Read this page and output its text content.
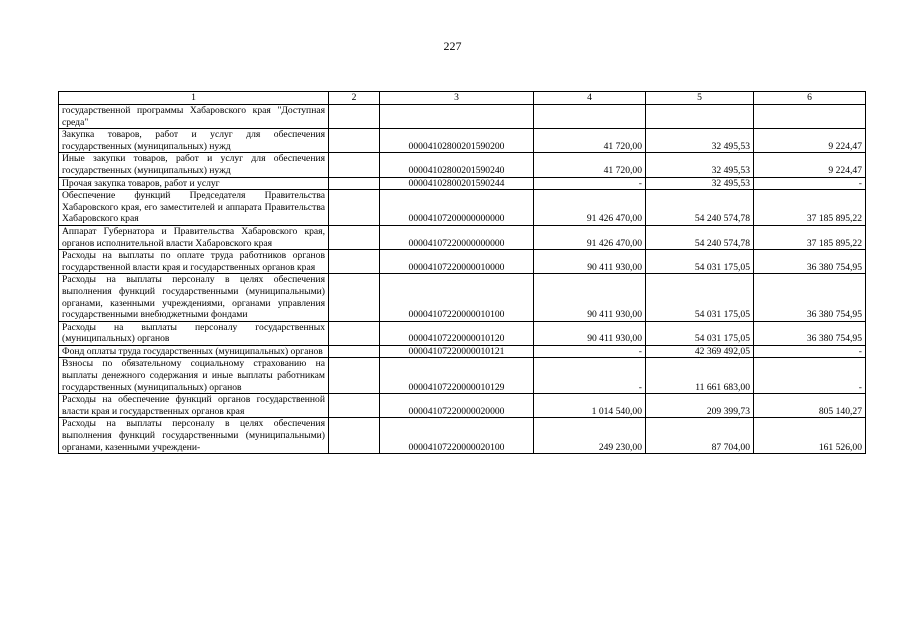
227
1	2	3	4	5	6
государственной программы Хабаровского края "Доступная среда"					
Закупка товаров, работ и услуг для обеспечения государственных (муниципальных) нужд		00004102800201590200	41 720,00	32 495,53	9 224,47
Иные закупки товаров, работ и услуг для обеспечения государственных (муниципальных) нужд		00004102800201590240	41 720,00	32 495,53	9 224,47
Прочая закупка товаров, работ и услуг		00004102800201590244	-	32 495,53	-
Обеспечение функций Председателя Правительства Хабаровского края, его заместителей и аппарата Правительства Хабаровского края		00004107200000000000	91 426 470,00	54 240 574,78	37 185 895,22
Аппарат Губернатора и Правительства Хабаровского края, органов исполнительной власти Хабаровского края		00004107220000000000	91 426 470,00	54 240 574,78	37 185 895,22
Расходы на выплаты по оплате труда работников органов государственной власти края и государственных органов края		00004107220000010000	90 411 930,00	54 031 175,05	36 380 754,95
Расходы на выплаты персоналу в целях обеспечения выполнения функций государственными (муниципальными) органами, казенными учреждениями, органами управления государственными внебюджетными фондами		00004107220000010100	90 411 930,00	54 031 175,05	36 380 754,95
Расходы на выплаты персоналу государственных (муниципальных) органов		00004107220000010120	90 411 930,00	54 031 175,05	36 380 754,95
Фонд оплаты труда государственных (муниципальных) органов		00004107220000010121	-	42 369 492,05	-
Взносы по обязательному социальному страхованию на выплаты денежного содержания и иные выплаты работникам государственных (муниципальных) органов		00004107220000010129	-	11 661 683,00	-
Расходы на обеспечение функций органов государственной власти края и государственных органов края		00004107220000020000	1 014 540,00	209 399,73	805 140,27
Расходы на выплаты персоналу в целях обеспечения выполнения функций государственными (муниципальными) органами, казенными учреждени-		00004107220000020100	249 230,00	87 704,00	161 526,00
